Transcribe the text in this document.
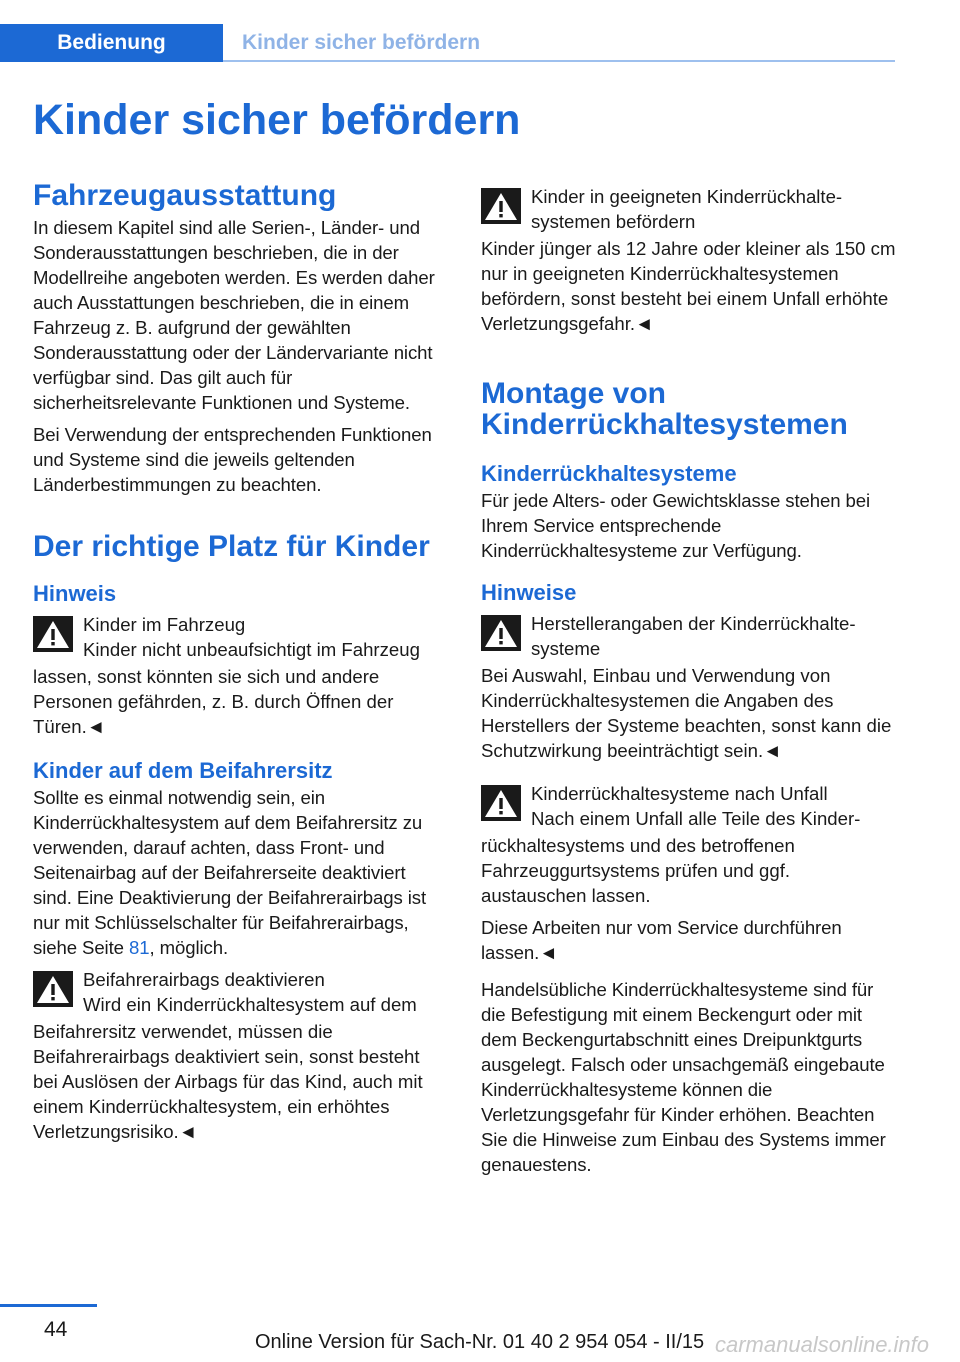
Bedienung	Kinder sicher befördern
Kinder sicher befördern
Fahrzeugausstattung

In diesem Kapitel sind alle Serien-, Länder- und Sonderausstattungen beschrieben, die in der Modellreihe angeboten werden. Es werden daher auch Ausstattungen beschrieben, die in einem Fahrzeug z. B. aufgrund der gewählten Sonderausstattung oder der Ländervariante nicht verfügbar sind. Das gilt auch für sicherheitsrelevante Funktionen und Systeme.

Bei Verwendung der entsprechenden Funktionen und Systeme sind die jeweils geltenden Länderbestimmungen zu beachten.

Der richtige Platz für Kinder
Hinweis
Kinder im Fahrzeug
Kinder nicht unbeaufsichtigt im Fahrzeug
lassen, sonst könnten sie sich und andere Personen gefährden, z. B. durch Öffnen der Türen.◄
Kinder auf dem Beifahrersitz

Sollte es einmal notwendig sein, ein Kinderrückhaltesystem auf dem Beifahrersitz zu verwenden, darauf achten, dass Front- und Seitenairbag auf der Beifahrerseite deaktiviert sind. Eine Deaktivierung der Beifahrerairbags ist nur mit Schlüsselschalter für Beifahrerairbags, siehe Seite 81, möglich.

Beifahrerairbags deaktivieren
Wird ein Kinderrückhaltesystem auf dem
Beifahrersitz verwendet, müssen die Beifahrerairbags deaktiviert sein, sonst besteht bei Auslösen der Airbags für das Kind, auch mit einem Kinderrückhaltesystem, ein erhöhtes Verletzungsrisiko.◄
Kinder in geeigneten Kinderrückhalte-
systemen befördern
Kinder jünger als 12 Jahre oder kleiner als 150 cm nur in geeigneten Kinderrückhaltesystemen befördern, sonst besteht bei einem Unfall erhöhte Verletzungsgefahr.◄
Montage von Kinderrückhaltesystemen
Kinderrückhaltesysteme

Für jede Alters- oder Gewichtsklasse stehen bei Ihrem Service entsprechende Kinderrückhaltesysteme zur Verfügung.

Hinweise
Herstellerangaben der Kinderrückhalte-
systeme
Bei Auswahl, Einbau und Verwendung von Kinderrückhaltesystemen die Angaben des Herstellers der Systeme beachten, sonst kann die Schutzwirkung beeinträchtigt sein.◄
Kinderrückhaltesysteme nach Unfall
Nach einem Unfall alle Teile des Kinder-
rückhaltesystems und des betroffenen Fahrzeuggurtsystems prüfen und ggf. austauschen lassen.

Diese Arbeiten nur vom Service durchführen lassen.◄

Handelsübliche Kinderrückhaltesysteme sind für die Befestigung mit einem Beckengurt oder mit dem Beckengurtabschnitt eines Dreipunktgurts ausgelegt. Falsch oder unsachgemäß eingebaute Kinderrückhaltesysteme können die Verletzungsgefahr für Kinder erhöhen. Beachten Sie die Hinweise zum Einbau des Systems immer genauestens.

44
Online Version für Sach-Nr. 01 40 2 954 054 - II/15 carmanualsonline.info
